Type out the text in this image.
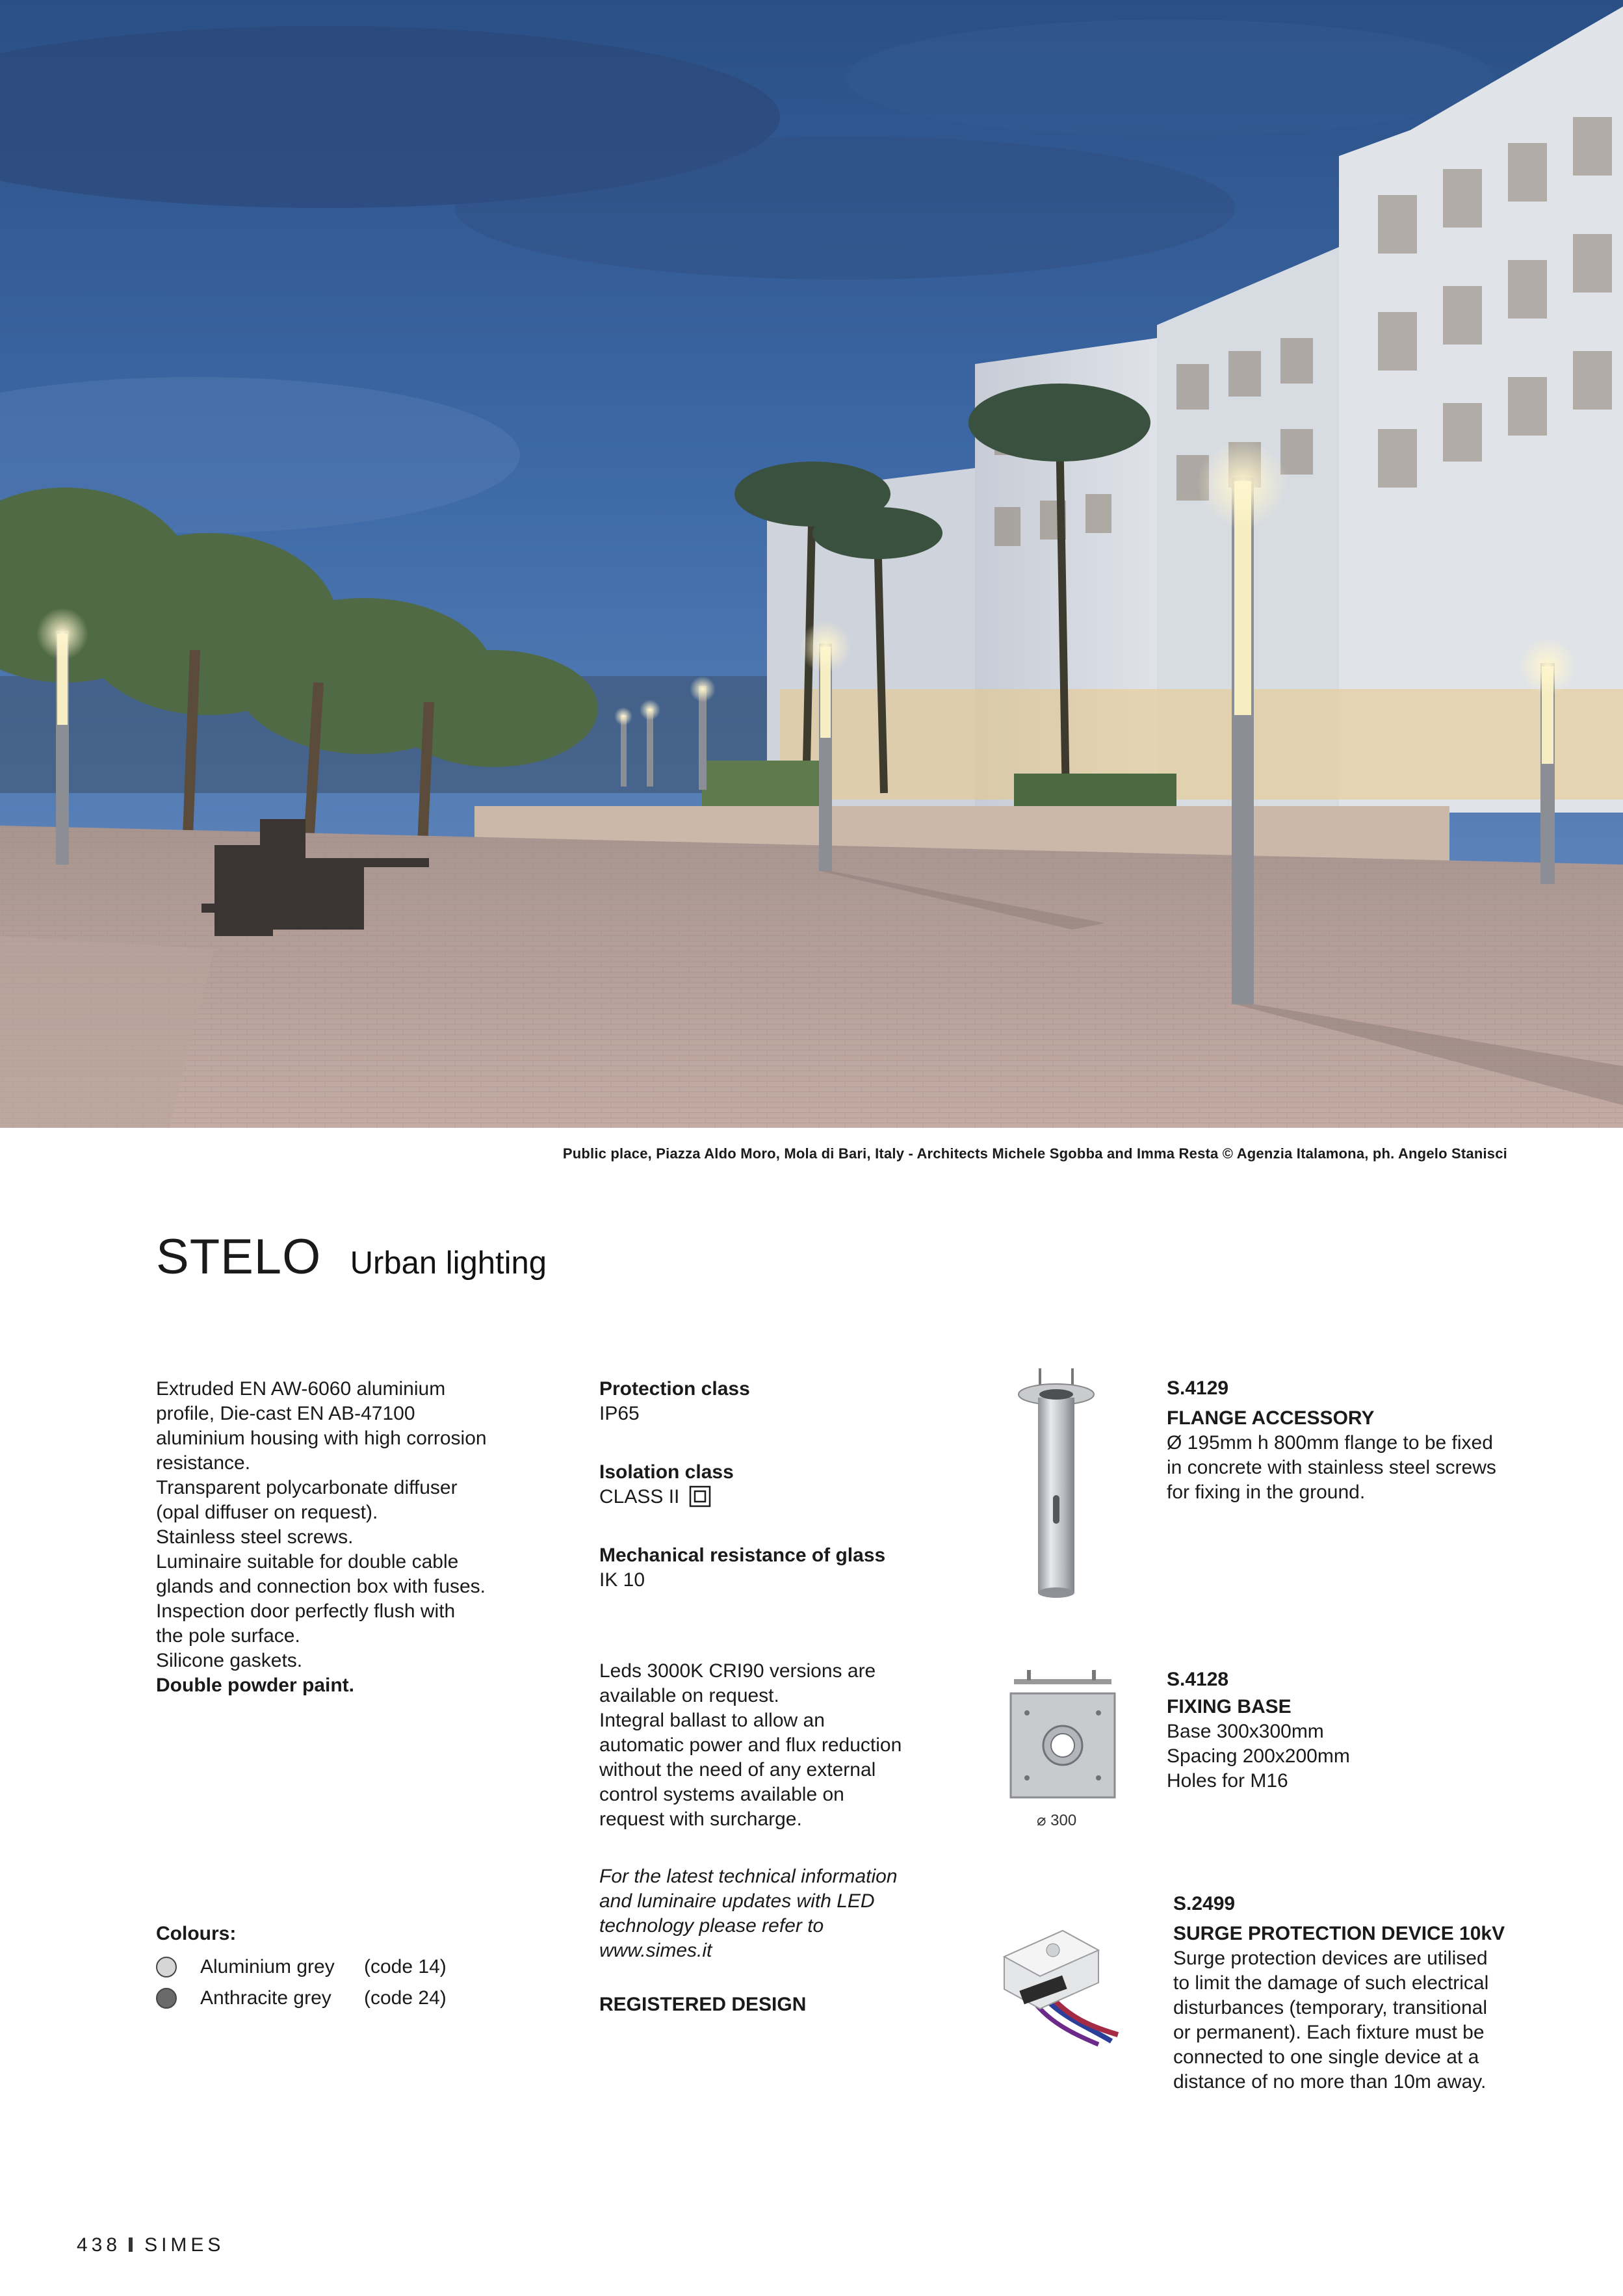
Public place, Piazza Aldo Moro, Mola di Bari, Italy - Architects Michele Sgobba and Imma Resta © Agenzia Italamona, ph. Angelo Stanisci
STELO Urban lighting

Extruded EN AW-6060 aluminium

profile, Die-cast EN AB-47100

aluminium housing with high corrosion

resistance.

Transparent polycarbonate diffuser

(opal diffuser on request).

Stainless steel screws.

Luminaire suitable for double cable

glands and connection box with fuses.

Inspection door perfectly flush with

the pole surface.

Silicone gaskets.

Double powder paint.

Colours:

Aluminium grey	(code 14)
Anthracite grey	(code 24)

Protection class

IP65

Isolation class

CLASS II

Mechanical resistance of glass

IK 10

Leds 3000K CRI90 versions are

available on request.

Integral ballast to allow an

automatic power and flux reduction

without the need of any external

control systems available on

request with surcharge.

For the latest technical information

and luminaire updates with LED

technology please refer to

www.simes.it

REGISTERED DESIGN

⌀ 300

S.4129

FLANGE ACCESSORY

Ø 195mm h 800mm flange to be fixed

in concrete with stainless steel screws

for fixing in the ground.

S.4128

FIXING BASE

Base 300x300mm

Spacing 200x200mm

Holes for M16

S.2499

SURGE PROTECTION DEVICE 10kV

Surge protection devices are utilised

to limit the damage of such electrical

disturbances (temporary, transitional

or permanent). Each fixture must be

connected to one single device at a

distance of no more than 10m away.

438 SIMES
